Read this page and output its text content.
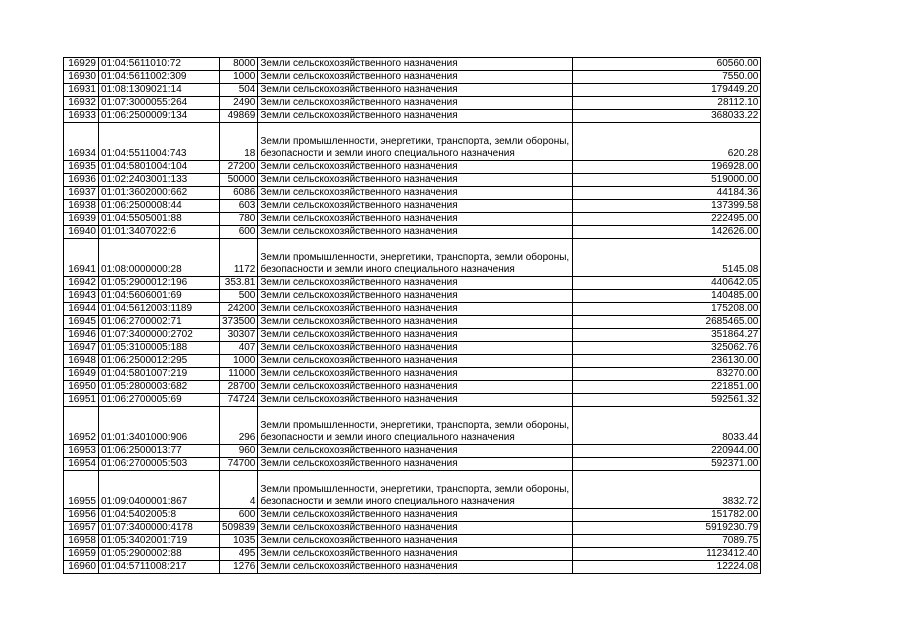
16929	01:04:5611010:72	8000	Земли сельскохозяйственного назначения	60560.00
16930	01:04:5611002:309	1000	Земли сельскохозяйственного назначения	7550.00
16931	01:08:1309021:14	504	Земли сельскохозяйственного назначения	179449.20
16932	01:07:3000055:264	2490	Земли сельскохозяйственного назначения	28112.10
16933	01:06:2500009:134	49869	Земли сельскохозяйственного назначения	368033.22
16934	01:04:5511004:743	18	Земли промышленности, энергетики, транспорта, земли обороны, безопасности и земли иного специального назначения	620.28
16935	01:04:5801004:104	27200	Земли сельскохозяйственного назначения	196928.00
16936	01:02:2403001:133	50000	Земли сельскохозяйственного назначения	519000.00
16937	01:01:3602000:662	6086	Земли сельскохозяйственного назначения	44184.36
16938	01:06:2500008:44	603	Земли сельскохозяйственного назначения	137399.58
16939	01:04:5505001:88	780	Земли сельскохозяйственного назначения	222495.00
16940	01:01:3407022:6	600	Земли сельскохозяйственного назначения	142626.00
16941	01:08:0000000:28	1172	Земли промышленности, энергетики, транспорта, земли обороны, безопасности и земли иного специального назначения	5145.08
16942	01:05:2900012:196	353.81	Земли сельскохозяйственного назначения	440642.05
16943	01:04:5606001:69	500	Земли сельскохозяйственного назначения	140485.00
16944	01:04:5612003:1189	24200	Земли сельскохозяйственного назначения	175208.00
16945	01:06:2700002:71	373500	Земли сельскохозяйственного назначения	2685465.00
16946	01:07:3400000:2702	30307	Земли сельскохозяйственного назначения	351864.27
16947	01:05:3100005:188	407	Земли сельскохозяйственного назначения	325062.76
16948	01:06:2500012:295	1000	Земли сельскохозяйственного назначения	236130.00
16949	01:04:5801007:219	11000	Земли сельскохозяйственного назначения	83270.00
16950	01:05:2800003:682	28700	Земли сельскохозяйственного назначения	221851.00
16951	01:06:2700005:69	74724	Земли сельскохозяйственного назначения	592561.32
16952	01:01:3401000:906	296	Земли промышленности, энергетики, транспорта, земли обороны, безопасности и земли иного специального назначения	8033.44
16953	01:06:2500013:77	960	Земли сельскохозяйственного назначения	220944.00
16954	01:06:2700005:503	74700	Земли сельскохозяйственного назначения	592371.00
16955	01:09:0400001:867	4	Земли промышленности, энергетики, транспорта, земли обороны, безопасности и земли иного специального назначения	3832.72
16956	01:04:5402005:8	600	Земли сельскохозяйственного назначения	151782.00
16957	01:07:3400000:4178	509839	Земли сельскохозяйственного назначения	5919230.79
16958	01:05:3402001:719	1035	Земли сельскохозяйственного назначения	7089.75
16959	01:05:2900002:88	495	Земли сельскохозяйственного назначения	1123412.40
16960	01:04:5711008:217	1276	Земли сельскохозяйственного назначения	12224.08
